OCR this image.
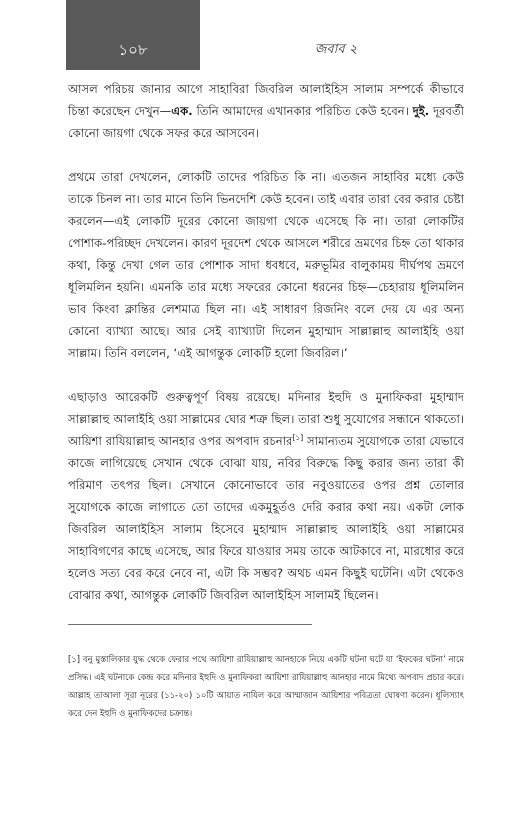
১০৮	জবাব ২

আসল পরিচয় জানার আগে সাহাবিরা জিবরিল আলাইহিস সালাম সম্পর্কে কীভাবে চিন্তা করেছেন দেখুন—এক. তিনি আমাদের এখানকার পরিচিত কেউ হবেন। দুই. দূরবর্তী কোনো জায়গা থেকে সফর করে আসবেন।

প্রথমে তারা দেখলেন, লোকটি তাদের পরিচিত কি না। এতজন সাহাবির মধ্যে কেউ তাকে চিনল না। তার মানে তিনি ভিনদেশি কেউ হবেন। তাই এবার তারা বের করার চেষ্টা করলেন—এই লোকটি দূরের কোনো জায়গা থেকে এসেছে কি না। তারা লোকটির পোশাক-পরিচ্ছদ দেখলেন। কারণ দূরদেশ থেকে আসলে শরীরে ভ্রমণের চিহ্ন তো থাকার কথা, কিন্তু দেখা গেল তার পোশাক সাদা ধবধবে, মরুভূমির বালুকাময় দীর্ঘপথ ভ্রমণে ধূলিমলিন হয়নি। এমনকি তার মধ্যে সফরের কোনো ধরনের চিহ্ন—চেহারায় ধূলিমলিন ভাব কিংবা ক্লান্তির লেশমাত্র ছিল না। এই সাধারণ রিজনিং বলে দেয় যে এর অন্য কোনো ব্যাখ্যা আছে। আর সেই ব্যাখ্যাটা দিলেন মুহাম্মাদ সাল্লাল্লাহু আলাইহি ওয়া সাল্লাম। তিনি বললেন, ‘এই আগন্তুক লোকটি হলো জিবরিল।’

এছাড়াও আরেকটি গুরুত্বপূর্ণ বিষয় রয়েছে। মদিনার ইহুদি ও মুনাফিকরা মুহাম্মাদ সাল্লাল্লাহু আলাইহি ওয়া সাল্লামের ঘোর শত্রু ছিল। তারা শুধু সুযোগের সন্ধানে থাকতো। আয়িশা রাযিয়াল্লাহু আনহার ওপর অপবাদ রচনার[১] সামান্যতম সুযোগকে তারা যেভাবে কাজে লাগিয়েছে সেখান থেকে বোঝা যায়, নবির বিরুদ্ধে কিছু করার জন্য তারা কী পরিমাণ তৎপর ছিল। সেখানে কোনোভাবে তার নবুওয়াতের ওপর প্রশ্ন তোলার সুযোগকে কাজে লাগাতে তো তাদের একমুহূর্তও দেরি করার কথা নয়। একটা লোক জিবরিল আলাইহিস সালাম হিসেবে মুহাম্মাদ সাল্লাল্লাহু আলাইহি ওয়া সাল্লামের সাহাবিগণের কাছে এসেছে, আর ফিরে যাওয়ার সময় তাকে আটকাবে না, মারধোর করে হলেও সত্য বের করে নেবে না, এটা কি সম্ভব? অথচ এমন কিছুই ঘটেনি। এটা থেকেও বোঝার কথা, আগন্তুক লোকটি জিবরিল আলাইহিস সালামই ছিলেন।

[১] বনু মুস্তালিকার যুদ্ধ থেকে ফেরার পথে আয়িশা রাযিয়াল্লাহু আনহাকে নিয়ে একটি ঘটনা ঘটে যা ‘ইফকের ঘটনা’ নামে প্রসিদ্ধ। এই ঘটনাকে কেন্দ্র করে মদিনার ইহুদি ও মুনাফিকরা আয়িশা রাযিয়াল্লাহু আনহার নামে মিথ্যে অপবাদ প্রচার করে। আল্লাহ তাআলা সূরা নূরের (১১-২০) ১০টি আয়াত নাযিল করে আম্মাজান আয়িশার পবিত্রতা ঘোষণা করেন। ধূলিস্যাৎ করে দেন ইহুদি ও মুনাফিকদের চক্রান্ত।
